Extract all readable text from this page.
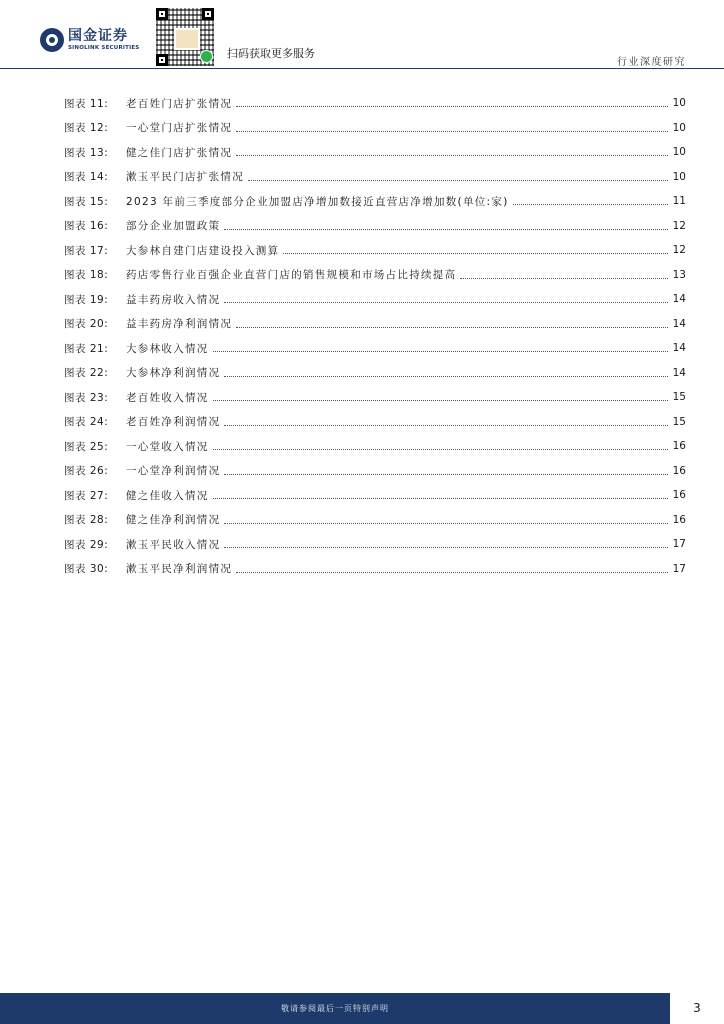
国金证券
SINOLINK SECURITIES	扫码获取更多服务
行业深度研究
图表 11:	老百姓门店扩张情况	10
图表 12:	一心堂门店扩张情况	10
图表 13:	健之佳门店扩张情况	10
图表 14:	漱玉平民门店扩张情况	10
图表 15:	2023 年前三季度部分企业加盟店净增加数接近直营店净增加数(单位:家)	11
图表 16:	部分企业加盟政策	12
图表 17:	大参林自建门店建设投入测算	12
图表 18:	药店零售行业百强企业直营门店的销售规模和市场占比持续提高	13
图表 19:	益丰药房收入情况	14
图表 20:	益丰药房净利润情况	14
图表 21:	大参林收入情况	14
图表 22:	大参林净利润情况	14
图表 23:	老百姓收入情况	15
图表 24:	老百姓净利润情况	15
图表 25:	一心堂收入情况	16
图表 26:	一心堂净利润情况	16
图表 27:	健之佳收入情况	16
图表 28:	健之佳净利润情况	16
图表 29:	漱玉平民收入情况	17
图表 30:	漱玉平民净利润情况	17
敬请参阅最后一页特别声明	3
